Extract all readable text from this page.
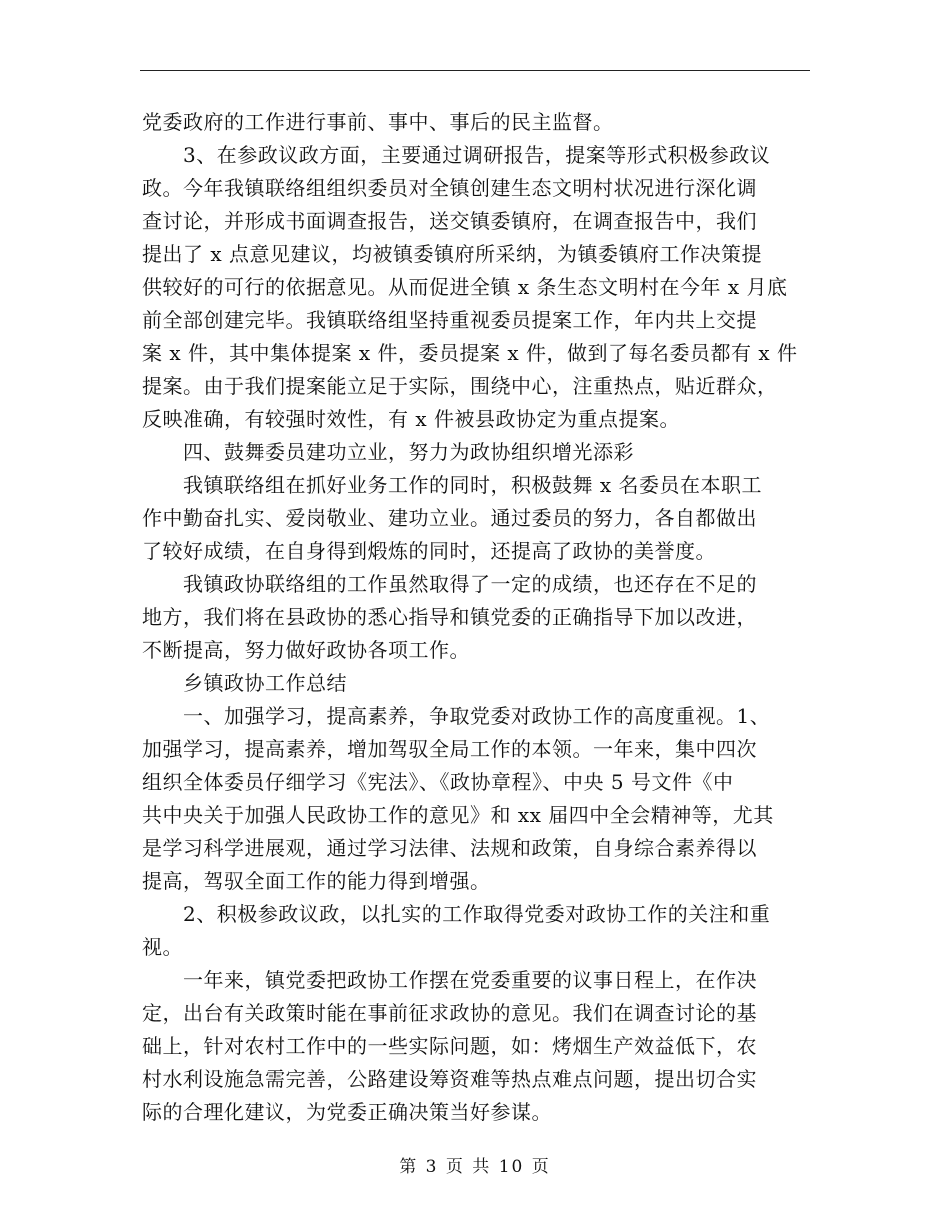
党委政府的工作进行事前、事中、事后的民主监督。
　　3、在参政议政方面，主要通过调研报告，提案等形式积极参政议
政。今年我镇联络组组织委员对全镇创建生态文明村状况进行深化调
查讨论，并形成书面调查报告，送交镇委镇府，在调查报告中，我们
提出了 x 点意见建议，均被镇委镇府所采纳，为镇委镇府工作决策提
供较好的可行的依据意见。从而促进全镇 x 条生态文明村在今年 x 月底
前全部创建完毕。我镇联络组坚持重视委员提案工作，年内共上交提
案 x 件，其中集体提案 x 件，委员提案 x 件，做到了每名委员都有 x 件
提案。由于我们提案能立足于实际，围绕中心，注重热点，贴近群众，
反映准确，有较强时效性，有 x 件被县政协定为重点提案。
　　四、鼓舞委员建功立业，努力为政协组织增光添彩
　　我镇联络组在抓好业务工作的同时，积极鼓舞 x 名委员在本职工
作中勤奋扎实、爱岗敬业、建功立业。通过委员的努力，各自都做出
了较好成绩，在自身得到煅炼的同时，还提高了政协的美誉度。
　　我镇政协联络组的工作虽然取得了一定的成绩，也还存在不足的
地方，我们将在县政协的悉心指导和镇党委的正确指导下加以改进，
不断提高，努力做好政协各项工作。
　　乡镇政协工作总结
　　一、加强学习，提高素养，争取党委对政协工作的高度重视。1、
加强学习，提高素养，增加驾驭全局工作的本领。一年来，集中四次
组织全体委员仔细学习《宪法》、《政协章程》、中央 5 号文件《中
共中央关于加强人民政协工作的意见》和 xx 届四中全会精神等，尤其
是学习科学进展观，通过学习法律、法规和政策，自身综合素养得以
提高，驾驭全面工作的能力得到增强。
　　2、积极参政议政，以扎实的工作取得党委对政协工作的关注和重
视。
　　一年来，镇党委把政协工作摆在党委重要的议事日程上，在作决
定，出台有关政策时能在事前征求政协的意见。我们在调查讨论的基
础上，针对农村工作中的一些实际问题，如：烤烟生产效益低下，农
村水利设施急需完善，公路建设筹资难等热点难点问题，提出切合实
际的合理化建议，为党委正确决策当好参谋。
第 3 页 共 10 页
